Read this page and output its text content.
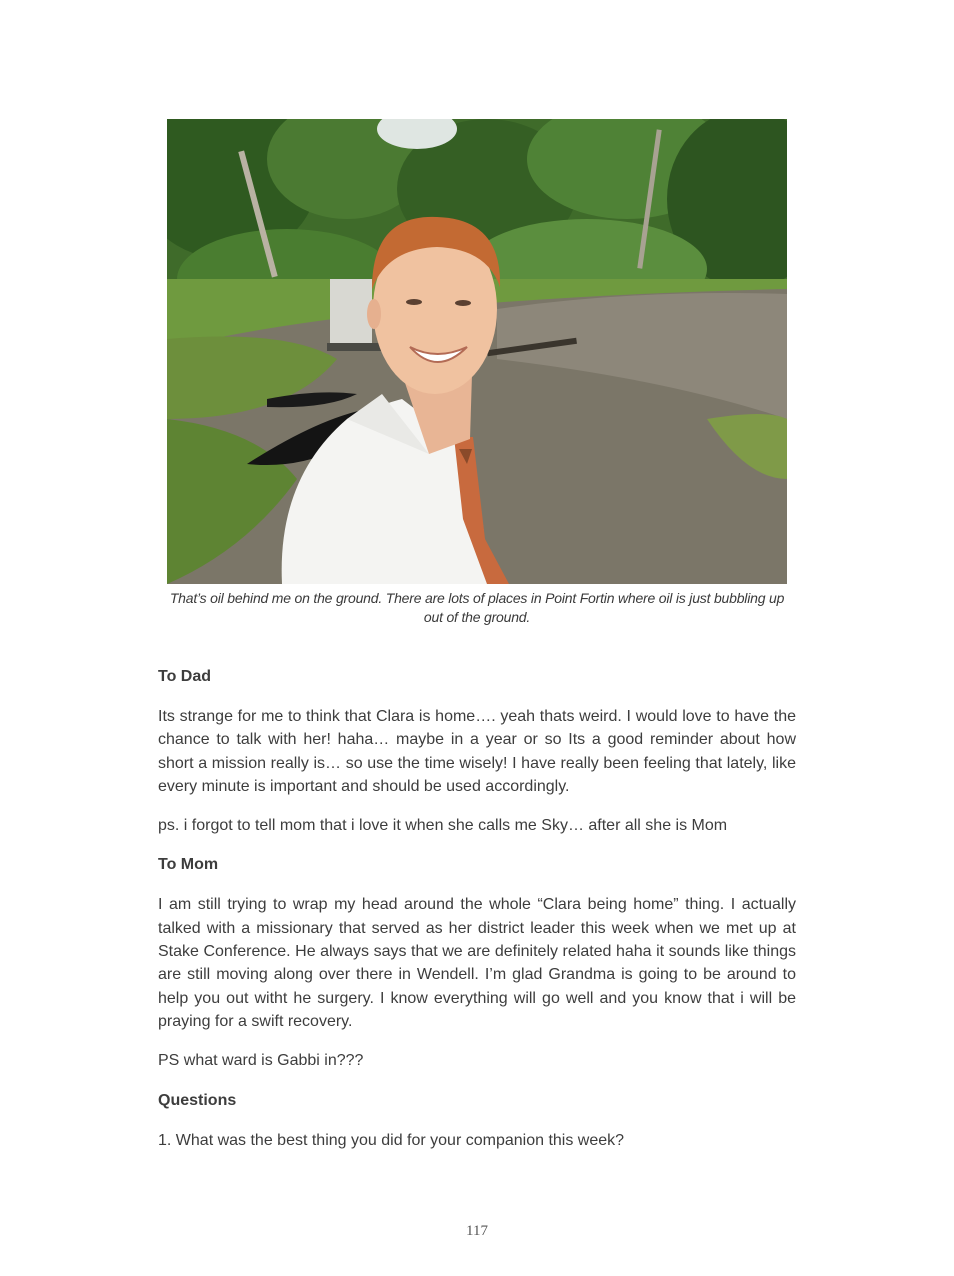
That’s oil behind me on the ground. There are lots of places in Point Fortin where oil is just bubbling up out of the ground.
To Dad
Its strange for me to think that Clara is home…. yeah thats weird. I would love to have the chance to talk with her! haha… maybe in a year or so Its a good reminder about how short a mission really is… so use the time wisely! I have really been feeling that lately, like every minute is important and should be used accordingly.
ps. i forgot to tell mom that i love it when she calls me Sky… after all she is Mom
To Mom
I am still trying to wrap my head around the whole “Clara being home” thing. I actually talked with a missionary that served as her district leader this week when we met up at Stake Conference. He always says that we are definitely related haha it sounds like things are still moving along over there in Wendell. I’m glad Grandma is going to be around to help you out witht he surgery. I know everything will go well and you know that i will be praying for a swift recovery.
PS what ward is Gabbi in???
Questions
1. What was the best thing you did for your companion this week?
117
